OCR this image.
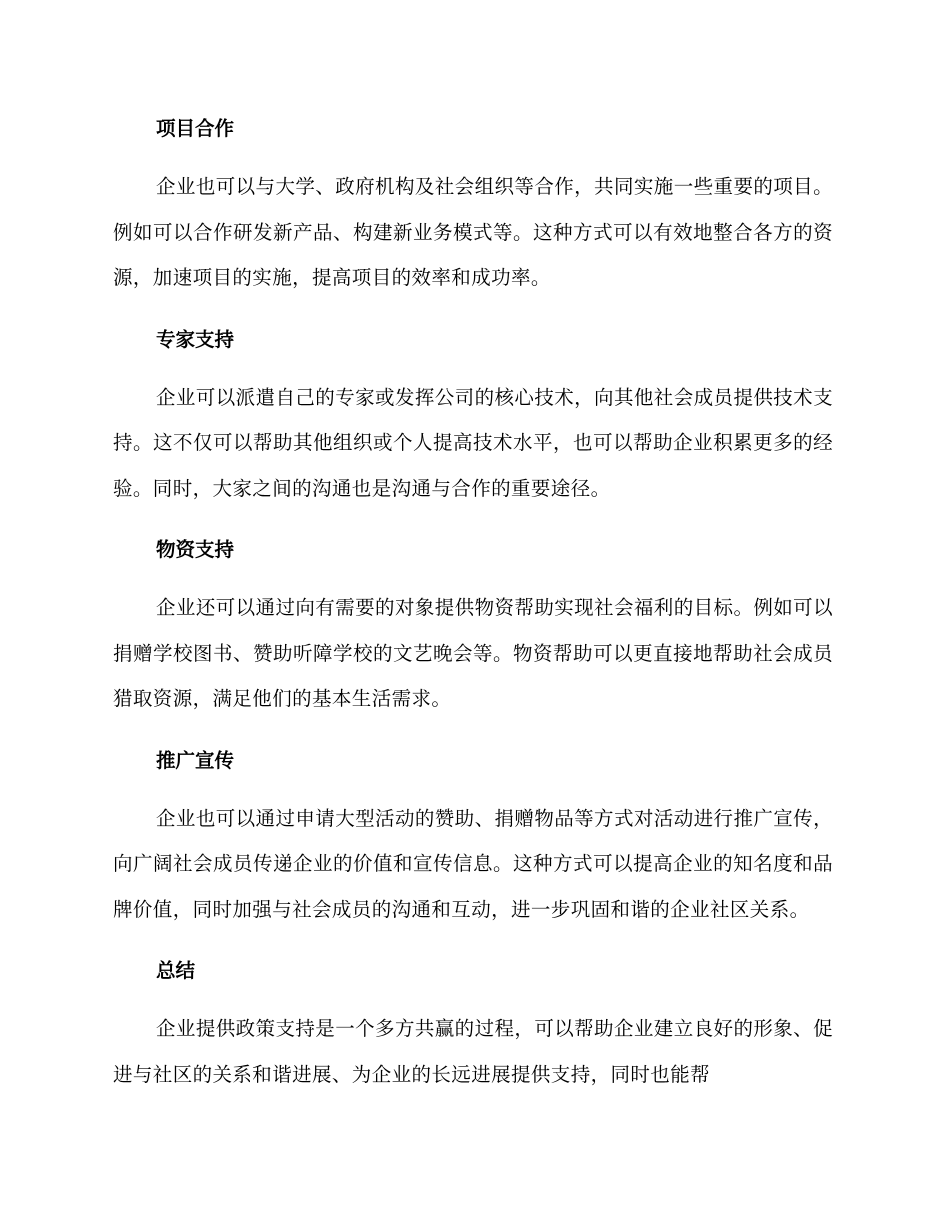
项目合作

企业也可以与大学、政府机构及社会组织等合作，共同实施一些重要的项目。例如可以合作研发新产品、构建新业务模式等。这种方式可以有效地整合各方的资源，加速项目的实施，提高项目的效率和成功率。

专家支持

企业可以派遣自己的专家或发挥公司的核心技术，向其他社会成员提供技术支持。这不仅可以帮助其他组织或个人提高技术水平，也可以帮助企业积累更多的经验。同时，大家之间的沟通也是沟通与合作的重要途径。

物资支持

企业还可以通过向有需要的对象提供物资帮助实现社会福利的目标。例如可以捐赠学校图书、赞助听障学校的文艺晚会等。物资帮助可以更直接地帮助社会成员猎取资源，满足他们的基本生活需求。

推广宣传

企业也可以通过申请大型活动的赞助、捐赠物品等方式对活动进行推广宣传，向广阔社会成员传递企业的价值和宣传信息。这种方式可以提高企业的知名度和品牌价值，同时加强与社会成员的沟通和互动，进一步巩固和谐的企业社区关系。

总结

企业提供政策支持是一个多方共赢的过程，可以帮助企业建立良好的形象、促进与社区的关系和谐进展、为企业的长远进展提供支持，同时也能帮
